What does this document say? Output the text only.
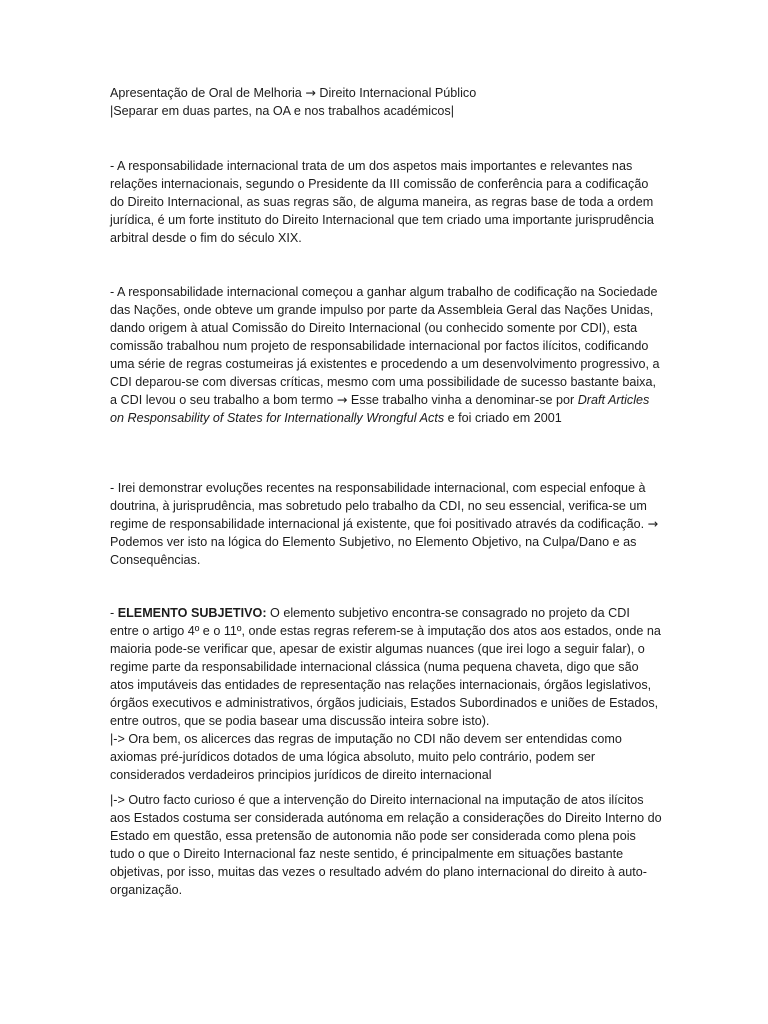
Apresentação de Oral de Melhoria → Direito Internacional Público

|Separar em duas partes, na OA e nos trabalhos académicos|

- A responsabilidade internacional trata de um dos aspetos mais importantes e relevantes nas relações internacionais, segundo o Presidente da III comissão de conferência para a codificação do Direito Internacional, as suas regras são, de alguma maneira, as regras base de toda a ordem jurídica, é um forte instituto do Direito Internacional que tem criado uma importante jurisprudência arbitral desde o fim do século XIX.

- A responsabilidade internacional começou a ganhar algum trabalho de codificação na Sociedade das Nações, onde obteve um grande impulso por parte da Assembleia Geral das Nações Unidas, dando origem à atual Comissão do Direito Internacional (ou conhecido somente por CDI), esta comissão trabalhou num projeto de responsabilidade internacional por factos ilícitos, codificando uma série de regras costumeiras já existentes e procedendo a um desenvolvimento progressivo, a CDI deparou-se com diversas críticas, mesmo com uma possibilidade de sucesso bastante baixa, a CDI levou o seu trabalho a bom termo → Esse trabalho vinha a denominar-se por Draft Articles on Responsability of States for Internationally Wrongful Acts e foi criado em 2001

- Irei demonstrar evoluções recentes na responsabilidade internacional, com especial enfoque à doutrina, à jurisprudência, mas sobretudo pelo trabalho da CDI, no seu essencial, verifica-se um regime de responsabilidade internacional já existente, que foi positivado através da codificação. → Podemos ver isto na lógica do Elemento Subjetivo, no Elemento Objetivo, na Culpa/Dano e as Consequências.

- ELEMENTO SUBJETIVO: O elemento subjetivo encontra-se consagrado no projeto da CDI entre o artigo 4º e o 11º, onde estas regras referem-se à imputação dos atos aos estados, onde na maioria pode-se verificar que, apesar de existir algumas nuances (que irei logo a seguir falar), o regime parte da responsabilidade internacional clássica (numa pequena chaveta, digo que são atos imputáveis das entidades de representação nas relações internacionais, órgãos legislativos, órgãos executivos e administrativos, órgãos judiciais, Estados Subordinados e uniões de Estados, entre outros, que se podia basear uma discussão inteira sobre isto).

|-> Ora bem, os alicerces das regras de imputação no CDI não devem ser entendidas como axiomas pré-jurídicos dotados de uma lógica absoluto, muito pelo contrário, podem ser considerados verdadeiros principios jurídicos de direito internacional

|-> Outro facto curioso é que a intervenção do Direito internacional na imputação de atos ilícitos aos Estados costuma ser considerada autónoma em relação a considerações do Direito Interno do Estado em questão, essa pretensão de autonomia não pode ser considerada como plena pois tudo o que o Direito Internacional faz neste sentido, é principalmente em situações bastante objetivas, por isso, muitas das vezes o resultado advém do plano internacional do direito à auto-organização.
